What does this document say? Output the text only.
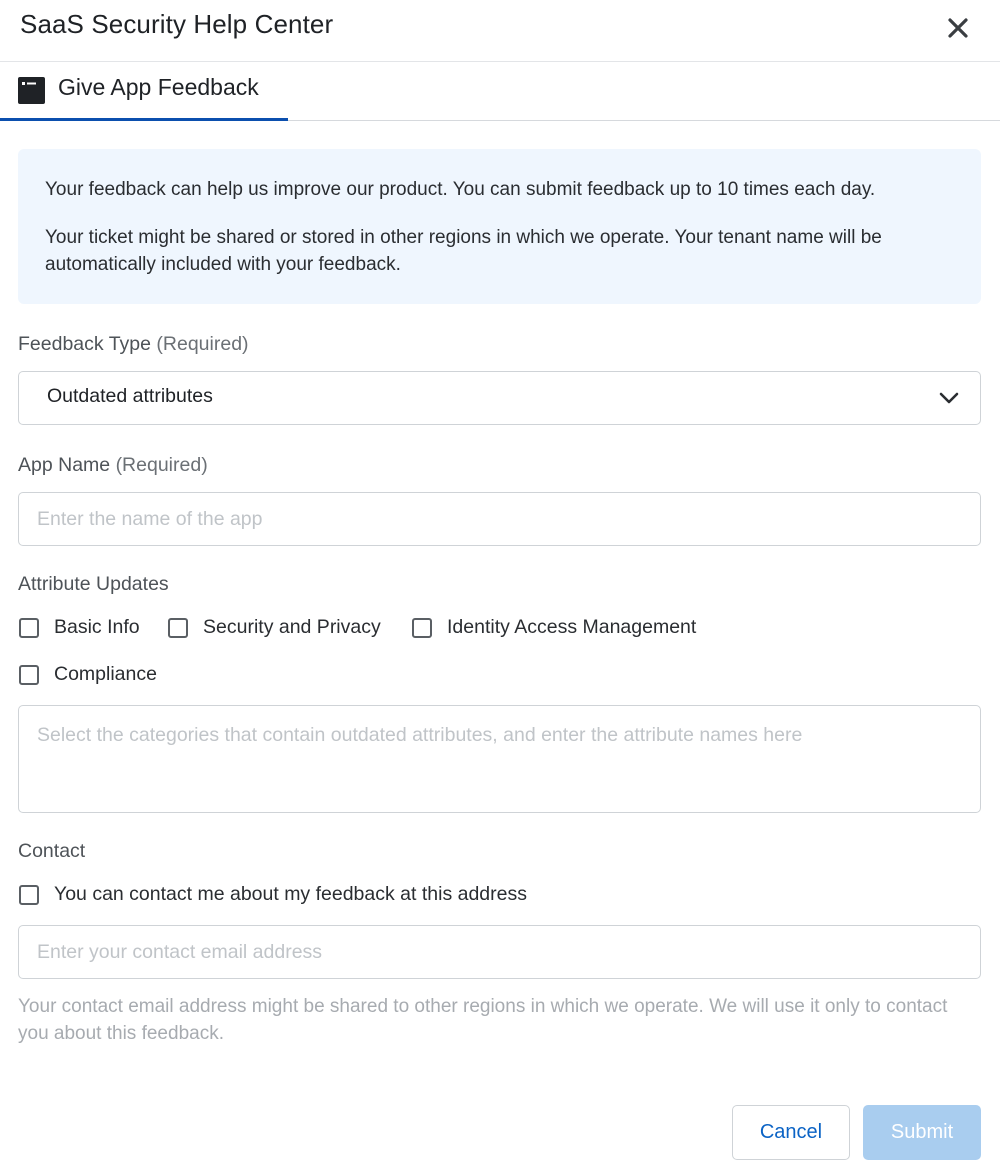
SaaS Security Help Center
Give App Feedback

Your feedback can help us improve our product. You can submit feedback up to 10 times each day.

Your ticket might be shared or stored in other regions in which we operate. Your tenant name will be automatically included with your feedback.

Feedback Type (Required)
Outdated attributes
App Name (Required)
Enter the name of the app
Attribute Updates
Basic Info	Security and Privacy	Identity Access Management
Compliance
Select the categories that contain outdated attributes, and enter the attribute names here
Contact
You can contact me about my feedback at this address
Enter your contact email address

Your contact email address might be shared to other regions in which we operate. We will use it only to contact you about this feedback.

Cancel	Submit
